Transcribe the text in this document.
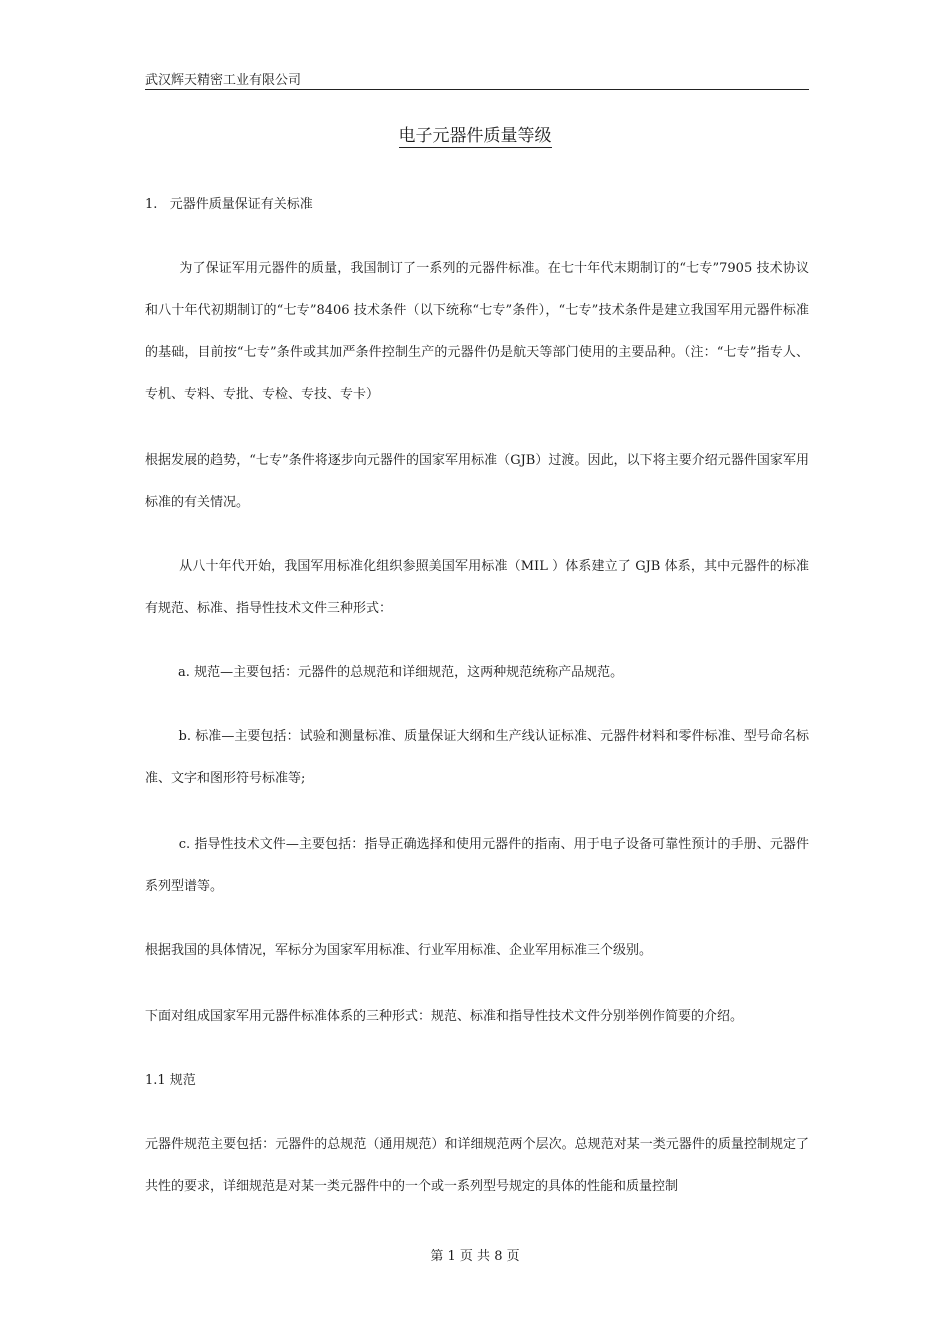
武汉辉天精密工业有限公司
电子元器件质量等级

1.   元器件质量保证有关标准

为了保证军用元器件的质量，我国制订了一系列的元器件标准。在七十年代末期制订的“七专”7905 技术协议和八十年代初期制订的“七专”8406 技术条件（以下统称“七专”条件），“七专”技术条件是建立我国军用元器件标准的基础，目前按“七专”条件或其加严条件控制生产的元器件仍是航天等部门使用的主要品种。（注：“七专”指专人、专机、专料、专批、专检、专技、专卡）

根据发展的趋势，“七专”条件将逐步向元器件的国家军用标准（GJB）过渡。因此，以下将主要介绍元器件国家军用标准的有关情况。

从八十年代开始，我国军用标准化组织参照美国军用标准（MIL ）体系建立了 GJB 体系，其中元器件的标准有规范、标准、指导性技术文件三种形式：

a. 规范—主要包括：元器件的总规范和详细规范，这两种规范统称产品规范。

b. 标准—主要包括：试验和测量标准、质量保证大纲和生产线认证标准、元器件材料和零件标准、型号命名标准、文字和图形符号标准等;

c. 指导性技术文件—主要包括：指导正确选择和使用元器件的指南、用于电子设备可靠性预计的手册、元器件系列型谱等。

根据我国的具体情况，军标分为国家军用标准、行业军用标准、企业军用标准三个级别。

下面对组成国家军用元器件标准体系的三种形式：规范、标准和指导性技术文件分别举例作简要的介绍。

1.1 规范

元器件规范主要包括：元器件的总规范（通用规范）和详细规范两个层次。总规范对某一类元器件的质量控制规定了共性的要求，详细规范是对某一类元器件中的一个或一系列型号规定的具体的性能和质量控制

第 1 页 共 8 页
